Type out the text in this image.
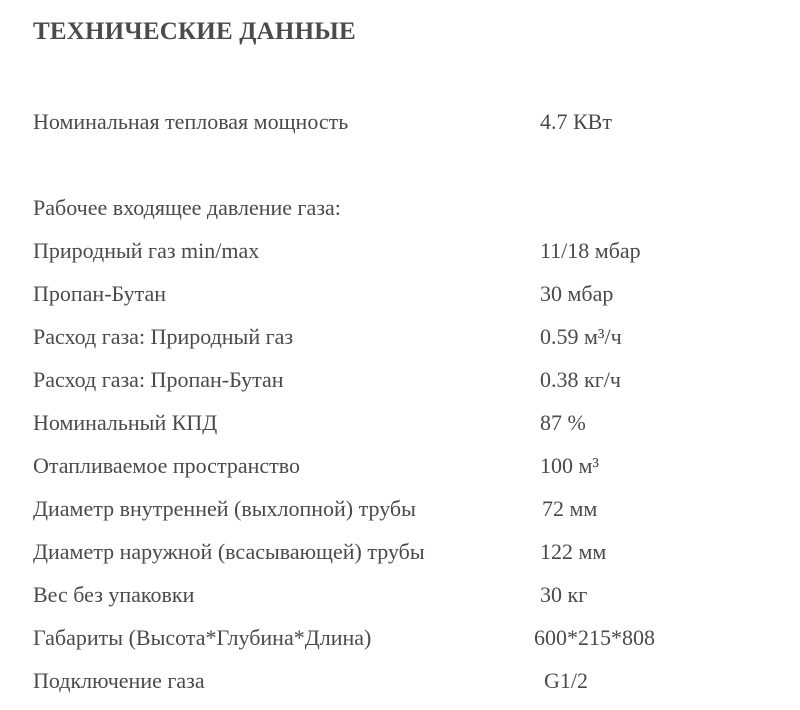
ТЕХНИЧЕСКИЕ ДАННЫЕ
Номинальная тепловая мощность	4.7 КВт
Рабочее входящее давление газа:
Природный газ min/max	11/18 мбар
Пропан-Бутан	30 мбар
Расход газа: Природный газ	0.59 м³/ч
Расход газа: Пропан-Бутан	0.38 кг/ч
Номинальный КПД	87 %
Отапливаемое пространство	100 м³
Диаметр внутренней (выхлопной) трубы	72 мм
Диаметр наружной (всасывающей) трубы	122 мм
Вес без упаковки	30 кг
Габариты (Высота*Глубина*Длина)	600*215*808
Подключение газа	G1/2
